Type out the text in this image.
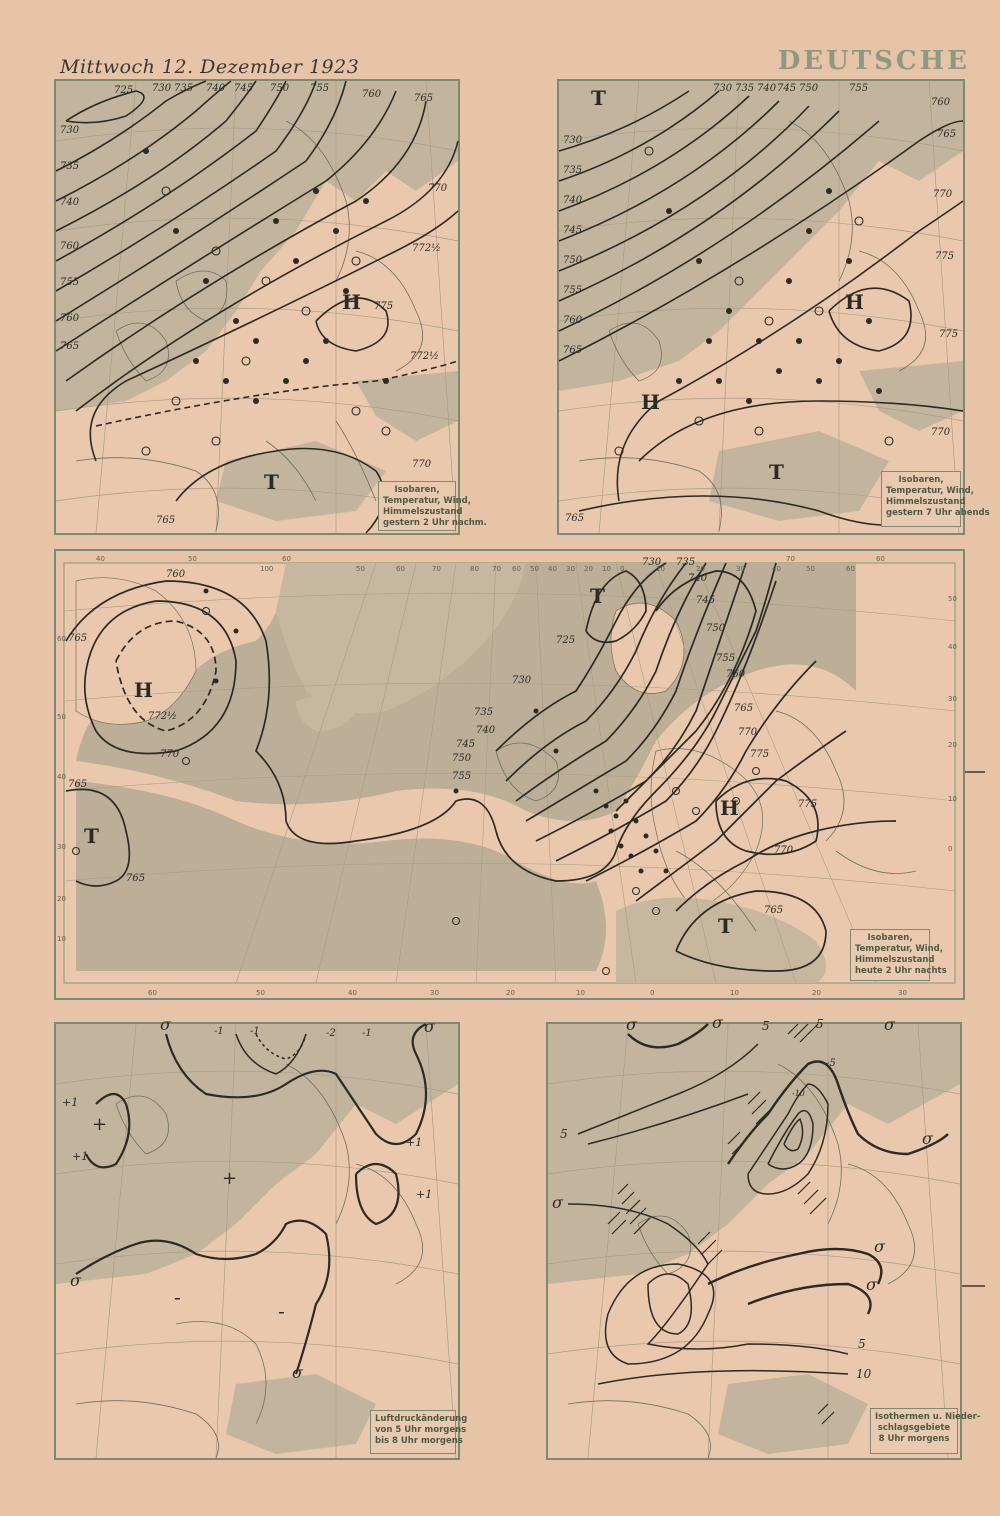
Mittwoch 12. Dezember 1923	DEUTSCHE
725 730 735 740 745 750 755
760	765
770
772½
775
772½
765
770
730
735
740
760
755
760
765
H
T	Isobaren,
Temperatur, Wind,
Himmelszustand
gestern 2 Uhr nachm.
730 735 740 745 750	755
760
765
770
775
775
770
765
730
735
740
745
750
755
760
765
T
H
H
T	Isobaren,
Temperatur, Wind,
Himmelszustand
gestern 7 Uhr abends
760
765
772½
770
765
765
730 735
740
745
750
755
760
765
770
775
775
770
765
725
730
735
740
745
750
755
H
T
T
H
T
40	50	60
100	50	60	70	80 70 60 50 40 30 20 10 0	10	20	30	40	50	60
70	60
60	50	40	30	20	10	0	10	20	30
60
50
40
30
20
10
50
40
30
20
10
0
Isobaren,
Temperatur, Wind,
Himmelszustand
heute 2 Uhr nachts
σ	-1	-1	-2	-1	σ
+1
+1
+
+
+1
+1
σ
-
-
σ
Luftdruckänderung
von 5 Uhr morgens
bis 8 Uhr morgens
σ	σ	5	5	σ
5
-5
-10
σ
σ
σ
σ
5
10
Isothermen u. Nieder-
schlagsgebiete
8 Uhr morgens
